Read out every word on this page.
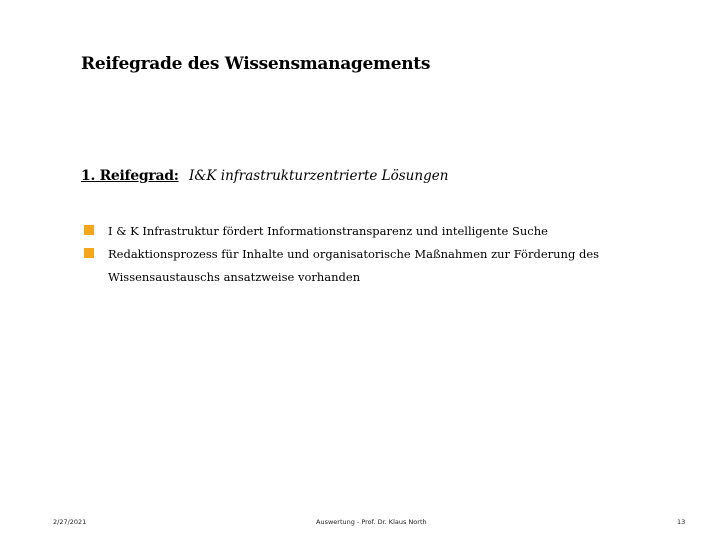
Reifegrade des Wissensmanagements
1. Reifegrad: I&K infrastrukturzentrierte Lösungen
I & K Infrastruktur fördert Informationstransparenz und intelligente Suche
Redaktionsprozess für Inhalte und organisatorische Maßnahmen zur Förderung des Wissensaustauschs ansatzweise vorhanden
2/27/2021	Auswertung - Prof. Dr. Klaus North	13
